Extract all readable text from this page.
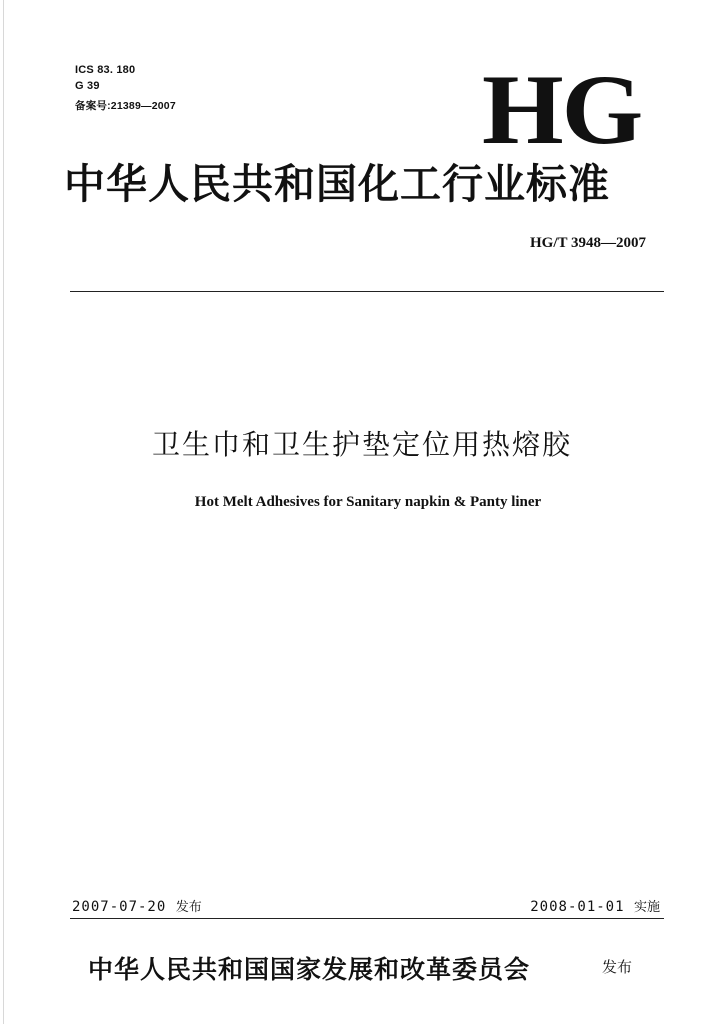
ICS 83. 180
G 39
备案号:21389—2007	HG
中华人民共和国化工行业标准
HG/T 3948—2007
卫生巾和卫生护垫定位用热熔胶
Hot Melt Adhesives for Sanitary napkin & Panty liner
2007-07-20 发布	2008-01-01 实施
中华人民共和国国家发展和改革委员会	发布
